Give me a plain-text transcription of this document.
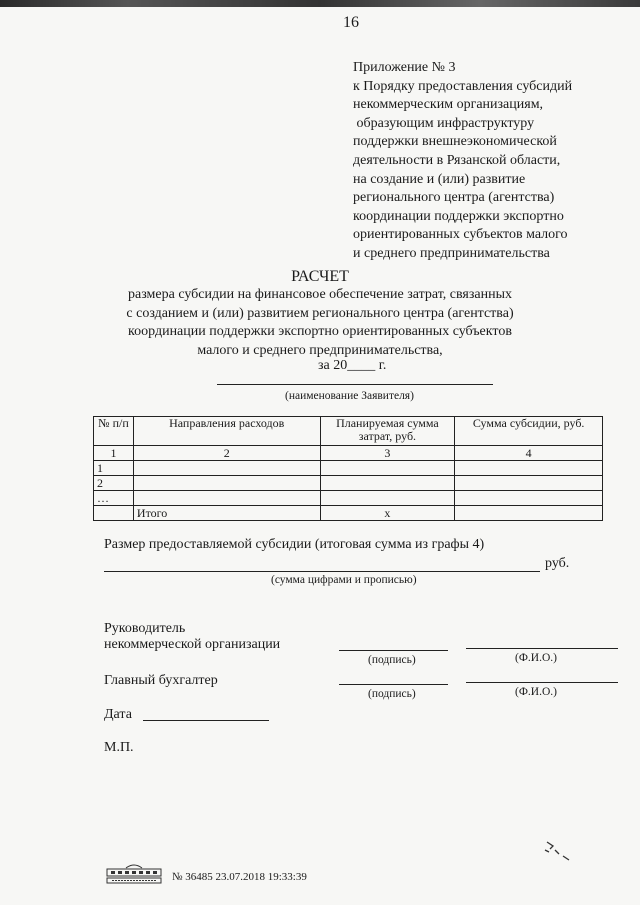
16
Приложение № 3
к Порядку предоставления субсидий
некоммерческим организациям,
образующим инфраструктуру
поддержки внешнеэкономической
деятельности в Рязанской области,
на создание и (или) развитие
регионального центра (агентства)
координации поддержки экспортно
ориентированных субъектов малого
и среднего предпринимательства
РАСЧЕТ
размера субсидии на финансовое обеспечение затрат, связанных
с созданием и (или) развитием регионального центра (агентства)
координации поддержки экспортно ориентированных субъектов
малого и среднего предпринимательства,
за 20____ г.
(наименование Заявителя)
№ п/п	Направления расходов	Планируемая сумма затрат, руб.	Сумма субсидии, руб.
1	2	3	4
1			
2			
…			
	Итого	х	
Размер предоставляемой субсидии (итоговая сумма из графы 4)
руб.
(сумма цифрами и прописью)
Руководитель
некоммерческой организации
(подпись)	(Ф.И.О.)
Главный бухгалтер
(подпись)	(Ф.И.О.)
Дата
М.П.
№ 36485 23.07.2018 19:33:39
